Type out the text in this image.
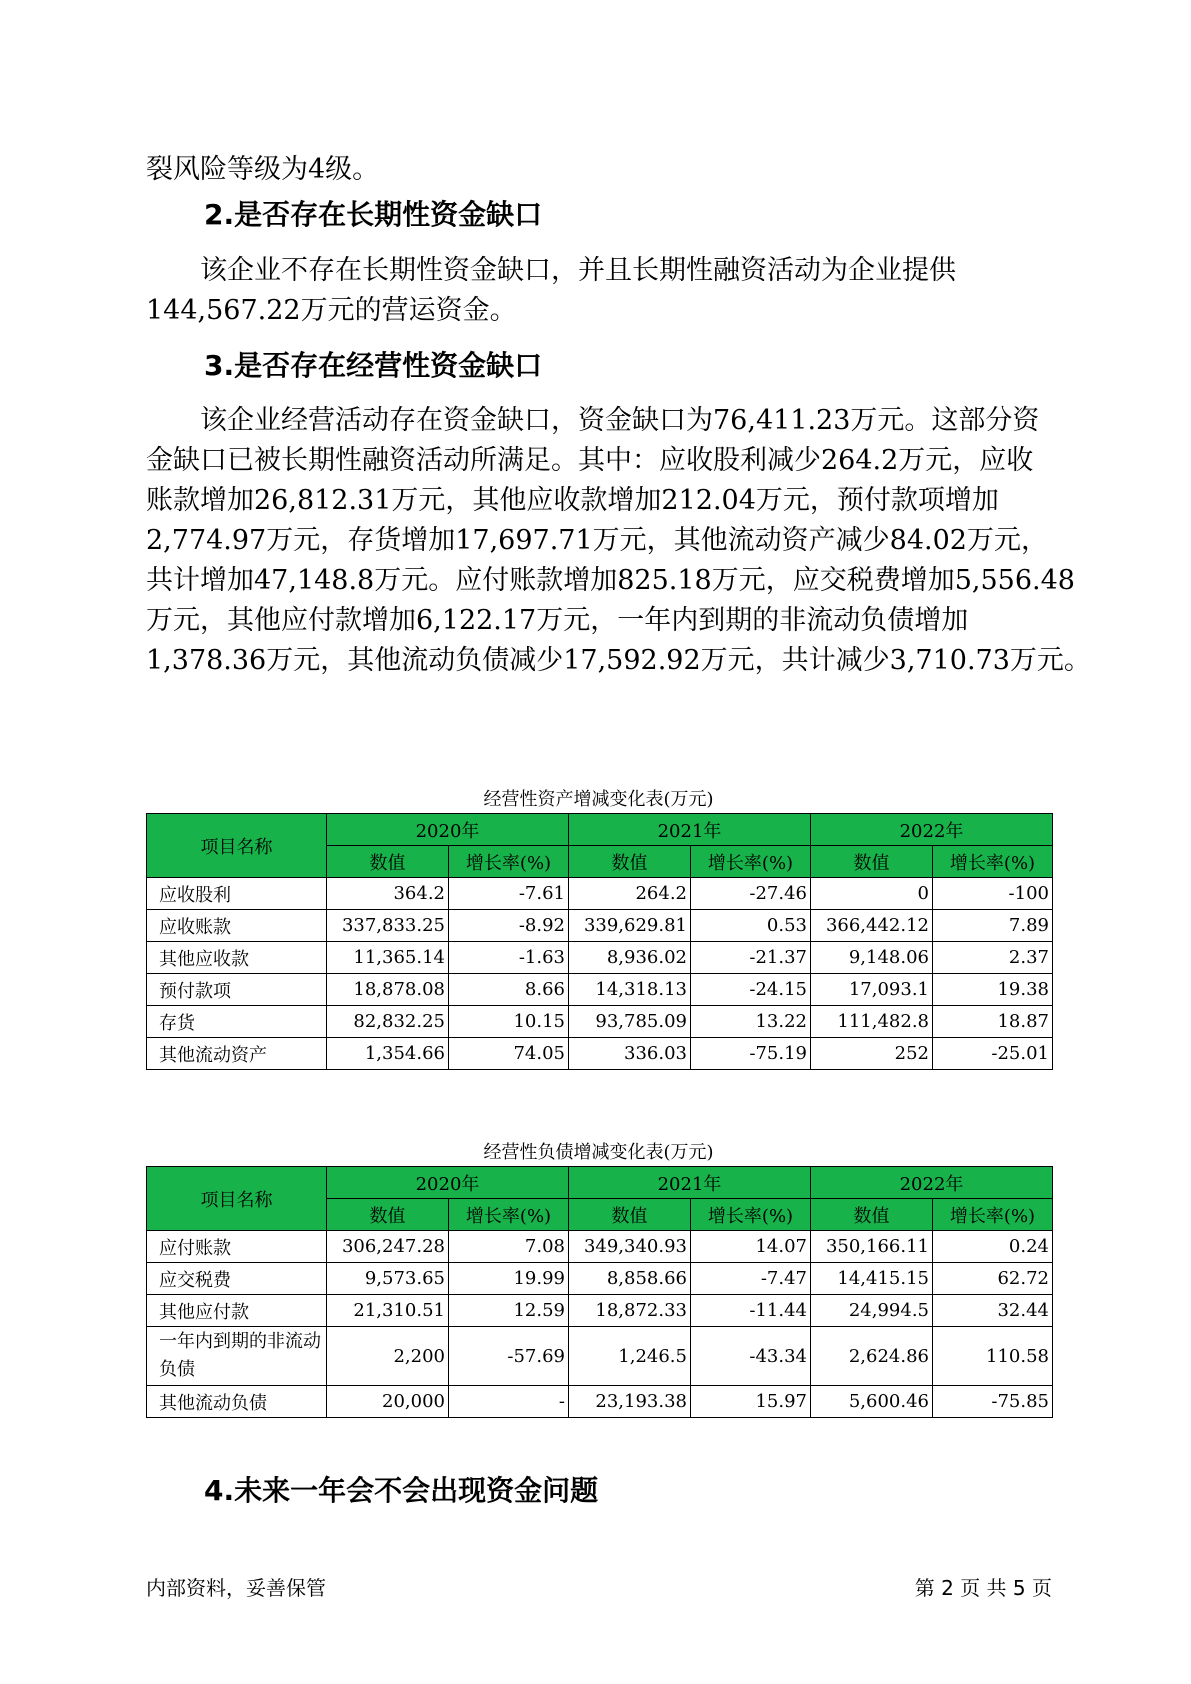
裂风险等级为4级。

2.是否存在长期性资金缺口

该企业不存在长期性资金缺口，并且长期性融资活动为企业提供
144,567.22万元的营运资金。

3.是否存在经营性资金缺口

该企业经营活动存在资金缺口，资金缺口为76,411.23万元。这部分资
金缺口已被长期性融资活动所满足。其中：应收股利减少264.2万元，应收
账款增加26,812.31万元，其他应收款增加212.04万元，预付款项增加
2,774.97万元，存货增加17,697.71万元，其他流动资产减少84.02万元，
共计增加47,148.8万元。应付账款增加825.18万元，应交税费增加5,556.48
万元，其他应付款增加6,122.17万元，一年内到期的非流动负债增加
1,378.36万元，其他流动负债减少17,592.92万元，共计减少3,710.73万元。

经营性资产增减变化表(万元)
项目名称	2020年		2021年		2022年	
	数值	增长率(%)	数值	增长率(%)	数值	增长率(%)
应收股利	364.2	-7.61	264.2	-27.46	0	-100
应收账款	337,833.25	-8.92	339,629.81	0.53	366,442.12	7.89
其他应收款	11,365.14	-1.63	8,936.02	-21.37	9,148.06	2.37
预付款项	18,878.08	8.66	14,318.13	-24.15	17,093.1	19.38
存货	82,832.25	10.15	93,785.09	13.22	111,482.8	18.87
其他流动资产	1,354.66	74.05	336.03	-75.19	252	-25.01
经营性负债增减变化表(万元)
项目名称	2020年		2021年		2022年	
	数值	增长率(%)	数值	增长率(%)	数值	增长率(%)
应付账款	306,247.28	7.08	349,340.93	14.07	350,166.11	0.24
应交税费	9,573.65	19.99	8,858.66	-7.47	14,415.15	62.72
其他应付款	21,310.51	12.59	18,872.33	-11.44	24,994.5	32.44
一年内到期的非流动负债	2,200	-57.69	1,246.5	-43.34	2,624.86	110.58
其他流动负债	20,000	-	23,193.38	15.97	5,600.46	-75.85
4.未来一年会不会出现资金问题
内部资料，妥善保管	第 2 页 共 5 页
